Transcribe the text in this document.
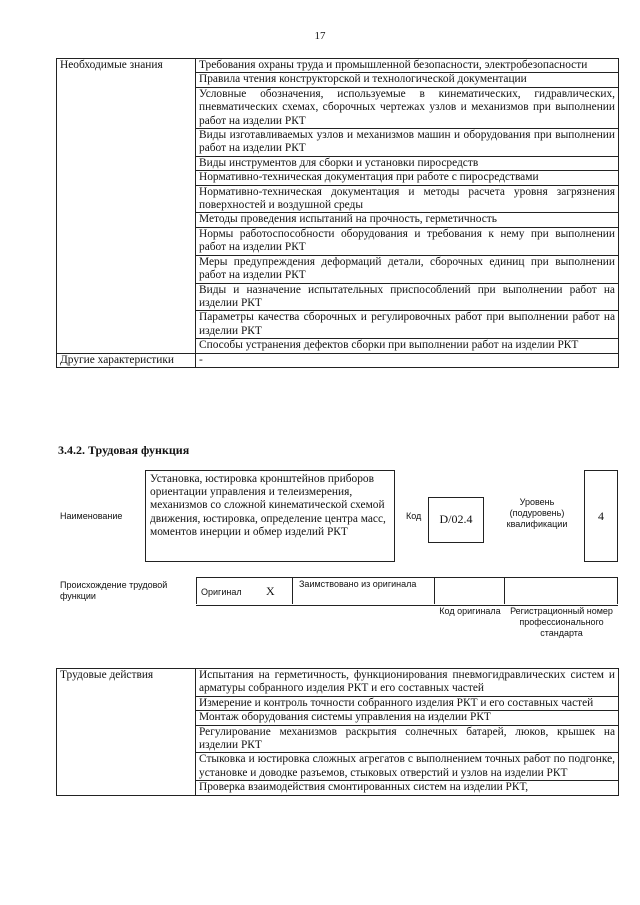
17
Необходимые знания	Требования охраны труда и промышленной безопасности, электробезопасности
	Правила чтения конструкторской и технологической документации
	Условные обозначения, используемые в кинематических, гидравлических, пневматических схемах, сборочных чертежах узлов и механизмов при выполнении работ на изделии РКТ
	Виды изготавливаемых узлов и механизмов машин и оборудования при выполнении работ на изделии РКТ
	Виды инструментов для сборки и установки пиросредств
	Нормативно-техническая документация при работе с пиросредствами
	Нормативно-техническая документация и методы расчета уровня загрязнения поверхностей и воздушной среды
	Методы проведения испытаний на прочность, герметичность
	Нормы работоспособности оборудования и требования к нему при выполнении работ на изделии РКТ
	Меры предупреждения деформаций детали, сборочных единиц при выполнении работ на изделии РКТ
	Виды и назначение испытательных приспособлений при выполнении работ на изделии РКТ
	Параметры качества сборочных и регулировочных работ при выполнении работ на изделии РКТ
	Способы устранения дефектов сборки при выполнении работ на изделии РКТ
Другие характеристики	-
3.4.2. Трудовая функция
Наименование
Установка, юстировка кронштейнов приборов ориентации управления и телеизмерения, механизмов со сложной кинематической схемой движения, юстировка, определение центра масс, моментов инерции и обмер изделий РКТ
Код	D/02.4
Уровень (подуровень) квалификации
4
Происхождение трудовой функции	Оригинал X	Заимствовано из оригинала
Код оригинала	Регистрационный номер профессионального стандарта
Трудовые действия	Испытания на герметичность, функционирования пневмогидравлических систем и арматуры собранного изделия РКТ и его составных частей
Измерение и контроль точности собранного изделия РКТ и его составных частей
Монтаж оборудования системы управления на изделии РКТ
Регулирование механизмов раскрытия солнечных батарей, люков, крышек на изделии РКТ
Стыковка и юстировка сложных агрегатов с выполнением точных работ по подгонке, установке и доводке разъемов, стыковых отверстий и узлов на изделии РКТ
Проверка взаимодействия смонтированных систем на изделии РКТ,
